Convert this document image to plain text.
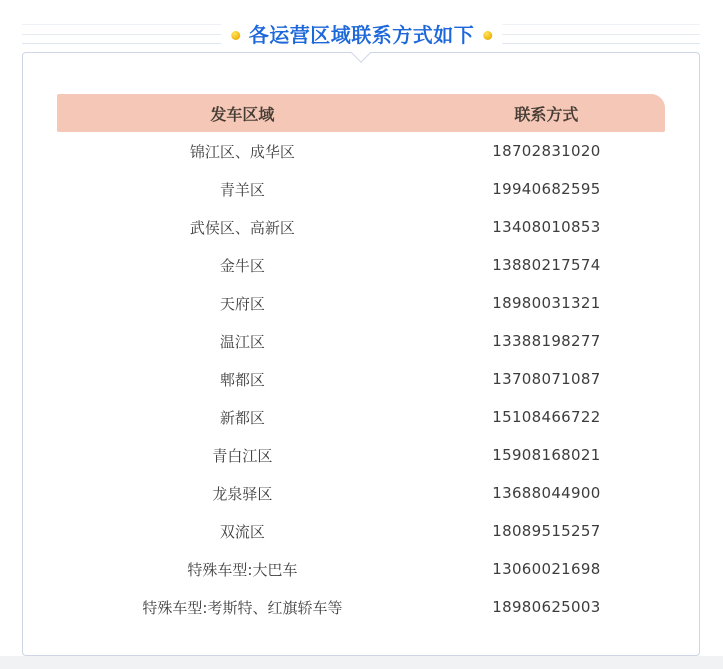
各运营区域联系方式如下
发车区域	联系方式
锦江区、成华区	18702831020
青羊区	19940682595
武侯区、高新区	13408010853
金牛区	13880217574
天府区	18980031321
温江区	13388198277
郫都区	13708071087
新都区	15108466722
青白江区	15908168021
龙泉驿区	13688044900
双流区	18089515257
特殊车型:大巴车	13060021698
特殊车型:考斯特、红旗轿车等	18980625003
